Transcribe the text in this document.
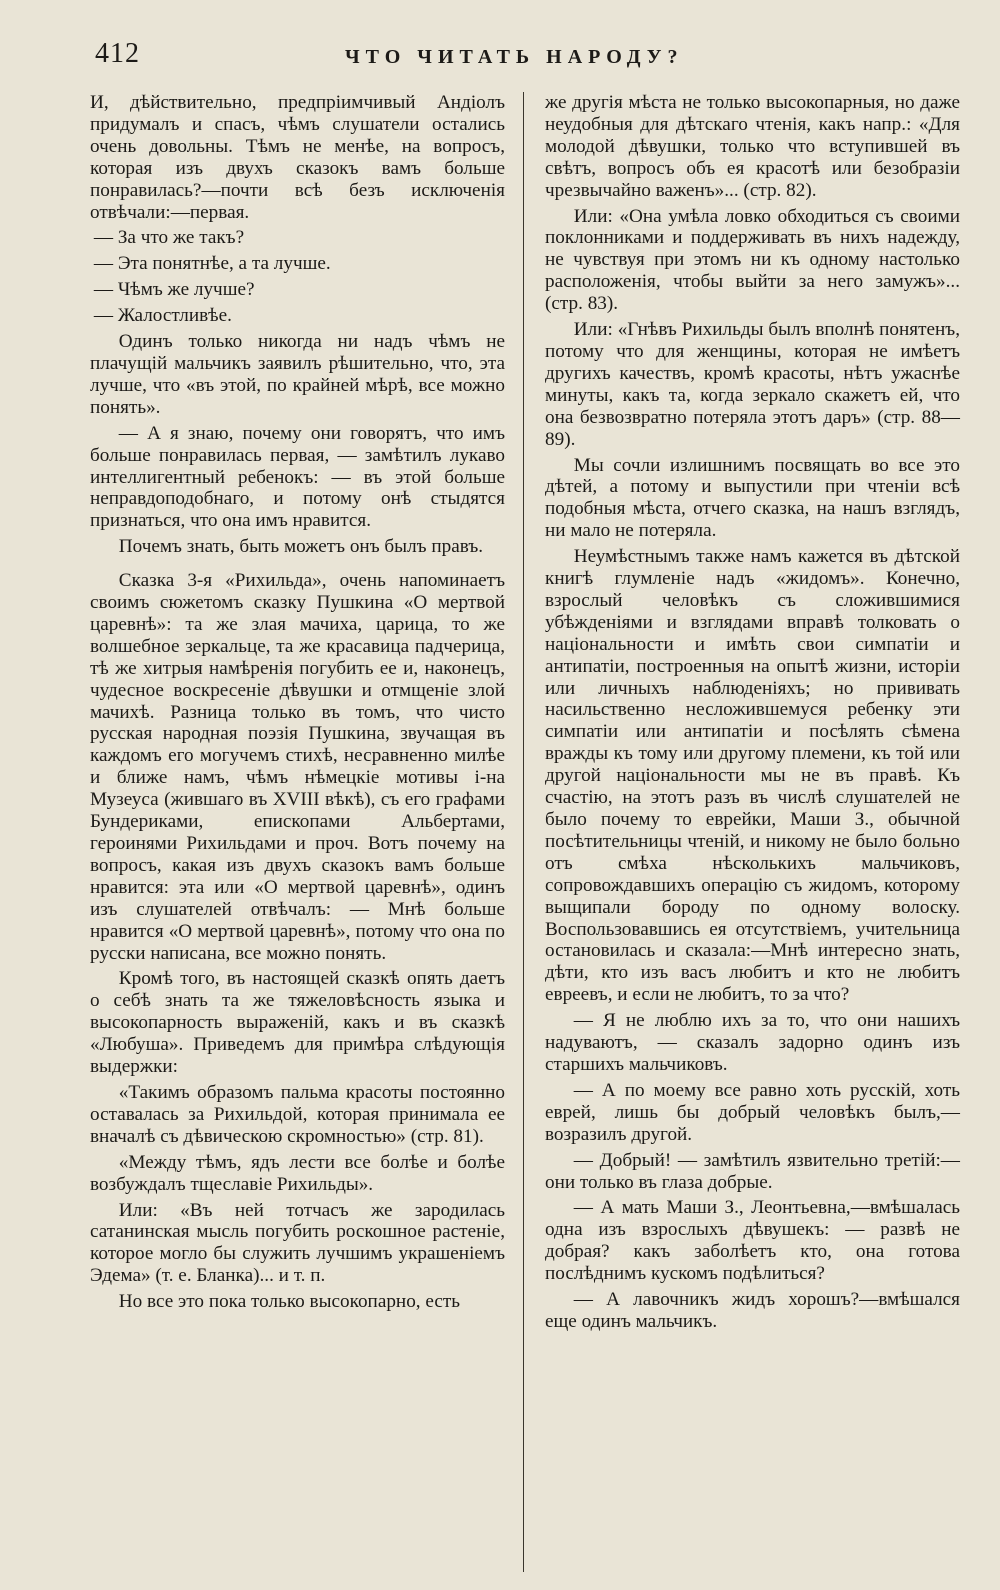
412	ЧТО ЧИТАТЬ НАРОДУ?

И, дѣйствительно, предпріимчивый Андіолъ придумалъ и спасъ, чѣмъ слушатели остались очень довольны. Тѣмъ не менѣе, на вопросъ, которая изъ двухъ сказокъ вамъ больше понравилась?—почти всѣ безъ исключенія отвѣчали:—первая.

— За что же такъ?

— Эта понятнѣе, а та лучше.

— Чѣмъ же лучше?

— Жалостливѣе.

Одинъ только никогда ни надъ чѣмъ не плачущій мальчикъ заявилъ рѣшительно, что, эта лучше, что «въ этой, по крайней мѣрѣ, все можно понять».

— А я знаю, почему они говорятъ, что имъ больше понравилась первая, — замѣтилъ лукаво интеллигентный ребенокъ: — въ этой больше неправдоподобнаго, и потому онѣ стыдятся признаться, что она имъ нравится.

Почемъ знать, быть можетъ онъ былъ правъ.

Сказка 3-я «Рихильда», очень напоминаетъ своимъ сюжетомъ сказку Пушкина «О мертвой царевнѣ»: та же злая мачиха, царица, то же волшебное зеркальце, та же красавица падчерица, тѣ же хитрыя намѣренія погубить ее и, наконецъ, чудесное воскресеніе дѣвушки и отмщеніе злой мачихѣ. Разница только въ томъ, что чисто русская народная поэзія Пушкина, звучащая въ каждомъ его могучемъ стихѣ, несравненно милѣе и ближе намъ, чѣмъ нѣмецкіе мотивы і-на Музеуса (жившаго въ XVIII вѣкѣ), съ его графами Бундериками, епископами Альбертами, героинями Рихильдами и проч. Вотъ почему на вопросъ, какая изъ двухъ сказокъ вамъ больше нравится: эта или «О мертвой царевнѣ», одинъ изъ слушателей отвѣчалъ: — Мнѣ больше нравится «О мертвой царевнѣ», потому что она по русски написана, все можно понять.

Кромѣ того, въ настоящей сказкѣ опять даетъ о себѣ знать та же тяжеловѣсность языка и высокопарность выраженій, какъ и въ сказкѣ «Любуша». Приведемъ для примѣра слѣдующія выдержки:

«Такимъ образомъ пальма красоты постоянно оставалась за Рихильдой, которая принимала ее вначалѣ съ дѣвическою скромностью» (стр. 81).

«Между тѣмъ, ядъ лести все болѣе и болѣе возбуждалъ тщеславіе Рихильды».

Или: «Въ ней тотчасъ же зародилась сатанинская мысль погубить роскошное растеніе, которое могло бы служить лучшимъ украшеніемъ Эдема» (т. е. Бланка)... и т. п.

Но все это пока только высокопарно, есть

же другія мѣста не только высокопарныя, но даже неудобныя для дѣтскаго чтенія, какъ напр.: «Для молодой дѣвушки, только что вступившей въ свѣтъ, вопросъ объ ея красотѣ или безобразіи чрезвычайно важенъ»... (стр. 82).

Или: «Она умѣла ловко обходиться съ своими поклонниками и поддерживать въ нихъ надежду, не чувствуя при этомъ ни къ одному настолько расположенія, чтобы выйти за него замужъ»... (стр. 83).

Или: «Гнѣвъ Рихильды былъ вполнѣ понятенъ, потому что для женщины, которая не имѣетъ другихъ качествъ, кромѣ красоты, нѣтъ ужаснѣе минуты, какъ та, когда зеркало скажетъ ей, что она безвозвратно потеряла этотъ даръ» (стр. 88—89).

Мы сочли излишнимъ посвящать во все это дѣтей, а потому и выпустили при чтеніи всѣ подобныя мѣста, отчего сказка, на нашъ взглядъ, ни мало не потеряла.

Неумѣстнымъ также намъ кажется въ дѣтской книгѣ глумленіе надъ «жидомъ». Конечно, взрослый человѣкъ съ сложившимися убѣжденіями и взглядами вправѣ толковать о національности и имѣть свои симпатіи и антипатіи, построенныя на опытѣ жизни, исторіи или личныхъ наблюденіяхъ; но прививать насильственно несложившемуся ребенку эти симпатіи или антипатіи и посѣлять сѣмена вражды къ тому или другому племени, къ той или другой національности мы не въ правѣ. Къ счастію, на этотъ разъ въ числѣ слушателей не было почему то еврейки, Маши З., обычной посѣтительницы чтеній, и никому не было больно отъ смѣха нѣсколькихъ мальчиковъ, сопровождавшихъ операцію съ жидомъ, которому выщипали бороду по одному волоску. Воспользовавшись ея отсутствіемъ, учительница остановилась и сказала:—Мнѣ интересно знать, дѣти, кто изъ васъ любитъ и кто не любитъ евреевъ, и если не любитъ, то за что?

— Я не люблю ихъ за то, что они нашихъ надуваютъ, — сказалъ задорно одинъ изъ старшихъ мальчиковъ.

— А по моему все равно хоть русскій, хоть еврей, лишь бы добрый человѣкъ былъ,— возразилъ другой.

— Добрый! — замѣтилъ язвительно третій:—они только въ глаза добрые.

— А мать Маши З., Леонтьевна,—вмѣшалась одна изъ взрослыхъ дѣвушекъ: — развѣ не добрая? какъ заболѣетъ кто, она готова послѣднимъ кускомъ подѣлиться?

— А лавочникъ жидъ хорошъ?—вмѣшался еще одинъ мальчикъ.
